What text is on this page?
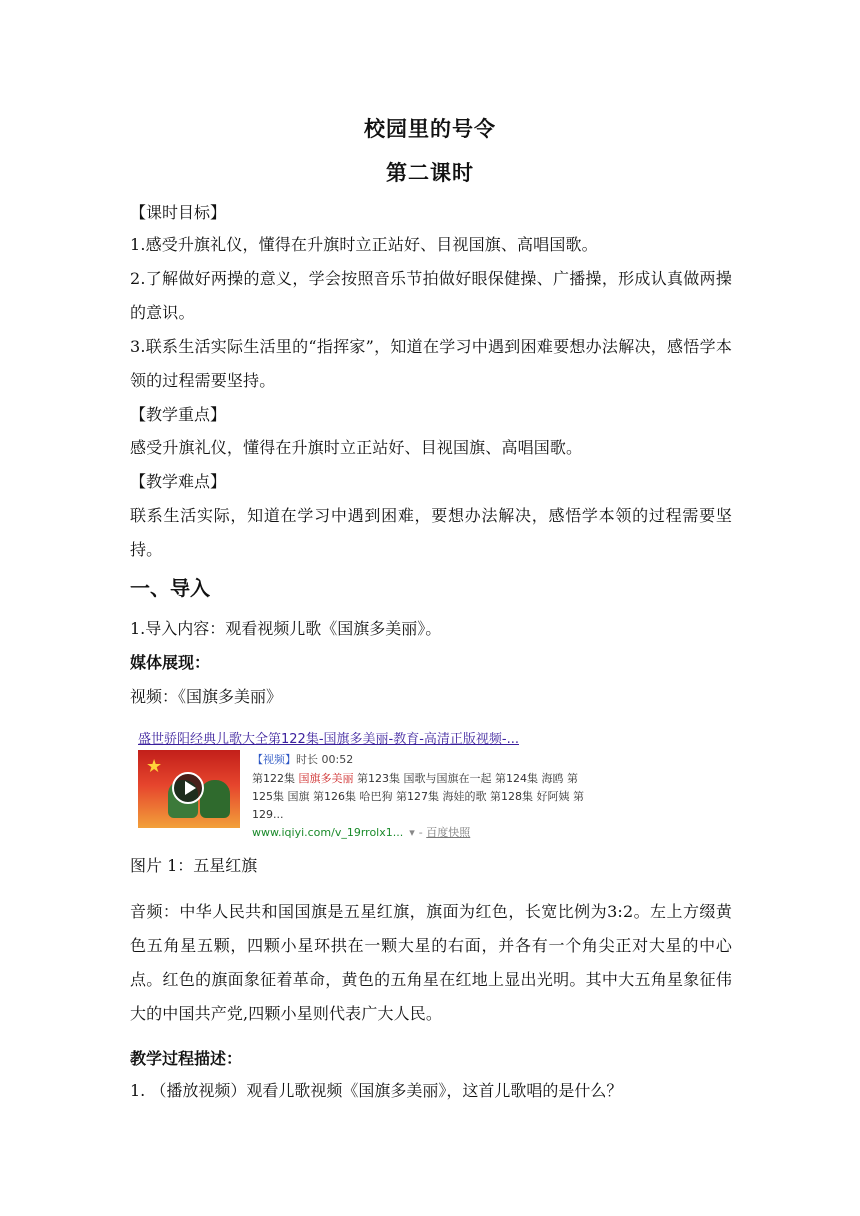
校园里的号令
第二课时
【课时目标】
1.感受升旗礼仪，懂得在升旗时立正站好、目视国旗、高唱国歌。
2.了解做好两操的意义，学会按照音乐节拍做好眼保健操、广播操，形成认真做两操的意识。
3.联系生活实际生活里的“指挥家”，知道在学习中遇到困难要想办法解决，感悟学本领的过程需要坚持。
【教学重点】
感受升旗礼仪，懂得在升旗时立正站好、目视国旗、高唱国歌。
【教学难点】
联系生活实际，知道在学习中遇到困难，要想办法解决，感悟学本领的过程需要坚持。
一、导入
1.导入内容：观看视频儿歌《国旗多美丽》。
媒体展现：
视频：《国旗多美丽》
盛世骄阳经典儿歌大全第122集-国旗多美丽-教育-高清正版视频-...
★	【视频】时长 00:52
第122集 国旗多美丽 第123集 国歌与国旗在一起 第124集 海鸥 第125集 国旗 第126集 哈巴狗 第127集 海娃的歌 第128集 好阿姨 第129...
www.iqiyi.com/v_19rrolx1... ▾ - 百度快照
图片 1：五星红旗
音频：中华人民共和国国旗是五星红旗，旗面为红色，长宽比例为3:2。左上方缀黄色五角星五颗，四颗小星环拱在一颗大星的右面，并各有一个角尖正对大星的中心点。红色的旗面象征着革命，黄色的五角星在红地上显出光明。其中大五角星象征伟大的中国共产党,四颗小星则代表广大人民。
教学过程描述：
1. （播放视频）观看儿歌视频《国旗多美丽》，这首儿歌唱的是什么？
